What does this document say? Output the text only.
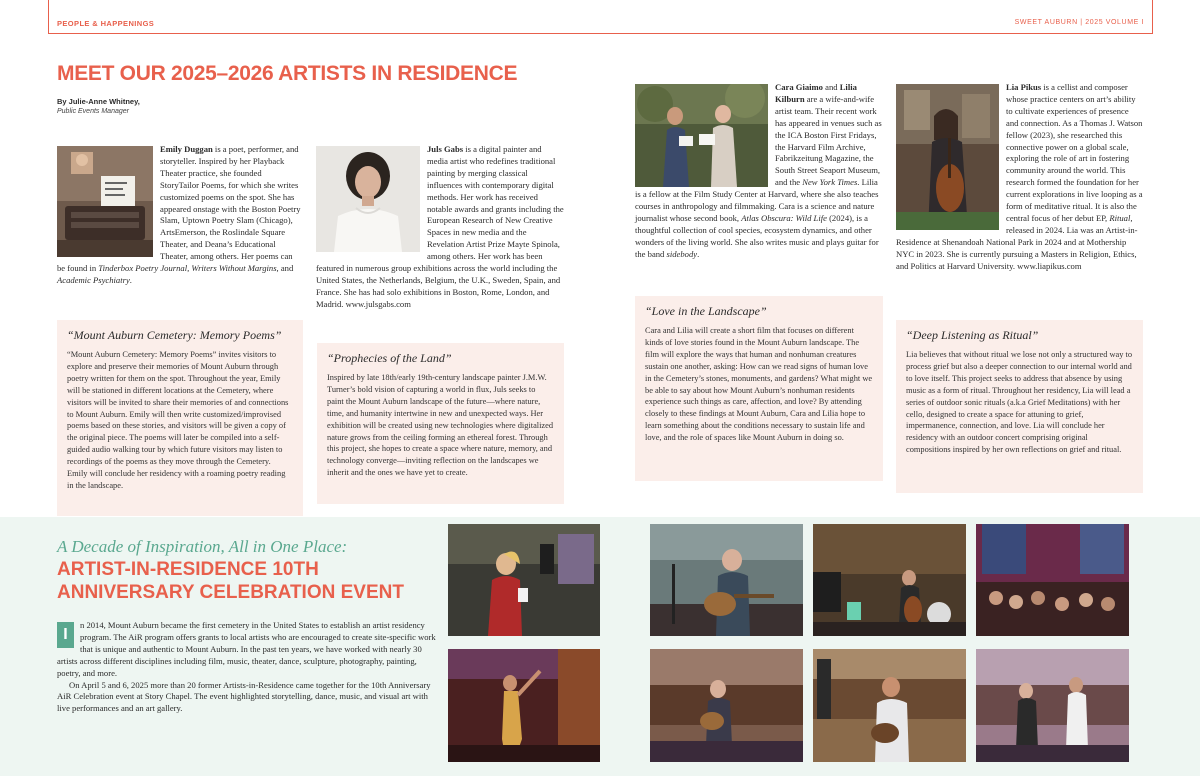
PEOPLE & HAPPENINGS	SWEET AUBURN | 2025 VOLUME I
MEET OUR 2025–2026 ARTISTS IN RESIDENCE
By Julie-Anne Whitney,
Public Events Manager
Emily Duggan is a poet, performer, and storyteller. Inspired by her Playback Theater practice, she founded StoryTailor Poems, for which she writes customized poems on the spot. She has appeared onstage with the Boston Poetry Slam, Uptown Poetry Slam (Chicago), ArtsEmerson, the Roslindale Square Theater, and Deana’s Educational Theater, among others. Her poems can be found in Tinderbox Poetry Journal, Writers Without Margins, and Academic Psychiatry.
“Mount Auburn Cemetery: Memory Poems”

“Mount Auburn Cemetery: Memory Poems” invites visitors to explore and preserve their memories of Mount Auburn through poetry written for them on the spot. Throughout the year, Emily will be stationed in different locations at the Cemetery, where visitors will be invited to share their memories of and connections to Mount Auburn. Emily will then write customized/improvised poems based on these stories, and visitors will be given a copy of the original piece. The poems will later be compiled into a self-guided audio walking tour by which future visitors may listen to recordings of the poems as they move through the Cemetery. Emily will conclude her residency with a roaming poetry reading in the landscape.

Juls Gabs is a digital painter and media artist who redefines traditional painting by merging classical influences with contemporary digital methods. Her work has received notable awards and grants including the European Research of New Creative Spaces in new media and the Revelation Artist Prize Mayte Spinola, among others. Her work has been featured in numerous group exhibitions across the world including the United States, the Netherlands, Belgium, the U.K., Sweden, Spain, and France. She has had solo exhibitions in Boston, Rome, London, and Madrid. www.julsgabs.com
“Prophecies of the Land”

Inspired by late 18th/early 19th-century landscape painter J.M.W. Turner’s bold vision of capturing a world in flux, Juls seeks to paint the Mount Auburn landscape of the future—where nature, time, and humanity intertwine in new and unexpected ways. Her exhibition will be created using new technologies where digitalized nature grows from the ceiling forming an ethereal forest. Through this project, she hopes to create a space where nature, memory, and technology converge—inviting reflection on the landscapes we inherit and the ones we have yet to create.

Cara Giaimo and Lilia Kilburn are a wife-and-wife artist team. Their recent work has appeared in venues such as the ICA Boston First Fridays, the Harvard Film Archive, Fabrikzeitung Magazine, the South Street Seaport Museum, and the New York Times. Lilia is a fellow at the Film Study Center at Harvard, where she also teaches courses in anthropology and filmmaking. Cara is a science and nature journalist whose second book, Atlas Obscura: Wild Life (2024), is a thoughtful collection of cool species, ecosystem dynamics, and other wonders of the living world. She also writes music and plays guitar for the band sidebody.
“Love in the Landscape”

Cara and Lilia will create a short film that focuses on different kinds of love stories found in the Mount Auburn landscape. The film will explore the ways that human and nonhuman creatures sustain one another, asking: How can we read signs of human love in the Cemetery’s stones, monuments, and gardens? What might we be able to say about how Mount Auburn’s nonhuman residents experience such things as care, affection, and love? By attending closely to these findings at Mount Auburn, Cara and Lilia hope to learn something about the conditions necessary to sustain life and love, and the role of spaces like Mount Auburn in doing so.

Lia Pikus is a cellist and composer whose practice centers on art’s ability to cultivate experiences of presence and connection. As a Thomas J. Watson fellow (2023), she researched this connective power on a global scale, exploring the role of art in fostering community around the world. This research formed the foundation for her current explorations in live looping as a form of meditative ritual. It is also the central focus of her debut EP, Ritual, released in 2024. Lia was an Artist-in-Residence at Shenandoah National Park in 2024 and at Mothership NYC in 2023. She is currently pursuing a Masters in Religion, Ethics, and Politics at Harvard University. www.liapikus.com
“Deep Listening as Ritual”

Lia believes that without ritual we lose not only a structured way to process grief but also a deeper connection to our internal world and to love itself. This project seeks to address that absence by using music as a form of ritual. Throughout her residency, Lia will lead a series of outdoor sonic rituals (a.k.a Grief Meditations) with her cello, designed to create a space for attuning to grief, impermanence, connection, and love. Lia will conclude her residency with an outdoor concert comprising original compositions inspired by her own reflections on grief and ritual.

A Decade of Inspiration, All in One Place:
ARTIST-IN-RESIDENCE 10TH ANNIVERSARY CELEBRATION EVENT

I
n 2014, Mount Auburn became the first cemetery in the United States to establish an artist residency program. The AiR program offers grants to local artists who are encouraged to create site-specific work that is unique and authentic to Mount Auburn. In the past ten years, we have worked with nearly 30 artists across different disciplines including film, music, theater, dance, sculpture, photography, painting, poetry, and more.

On April 5 and 6, 2025 more than 20 former Artists-in-Residence came together for the 10th Anniversary AiR Celebration event at Story Chapel. The event highlighted storytelling, dance, music, and visual art with live performances and an art gallery.
